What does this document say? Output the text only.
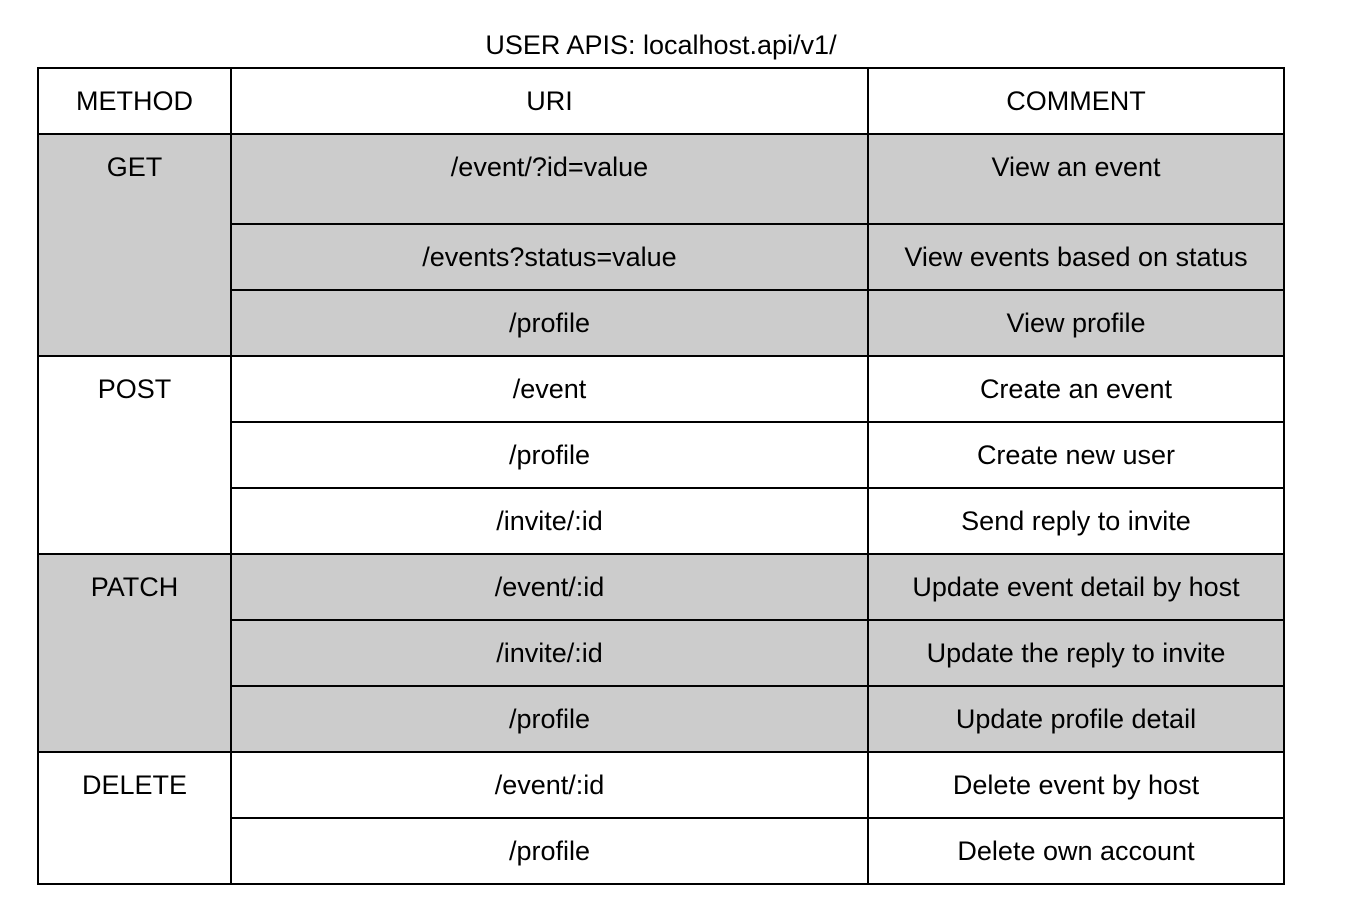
USER APIS: localhost.api/v1/
METHOD	URI	COMMENT
GET	/event/?id=value	View an event
	/events?status=value	View events based on status
	/profile	View profile
POST	/event	Create an event
	/profile	Create new user
	/invite/:id	Send reply to invite
PATCH	/event/:id	Update event detail by host
	/invite/:id	Update the reply to invite
	/profile	Update profile detail
DELETE	/event/:id	Delete event by host
	/profile	Delete own account
